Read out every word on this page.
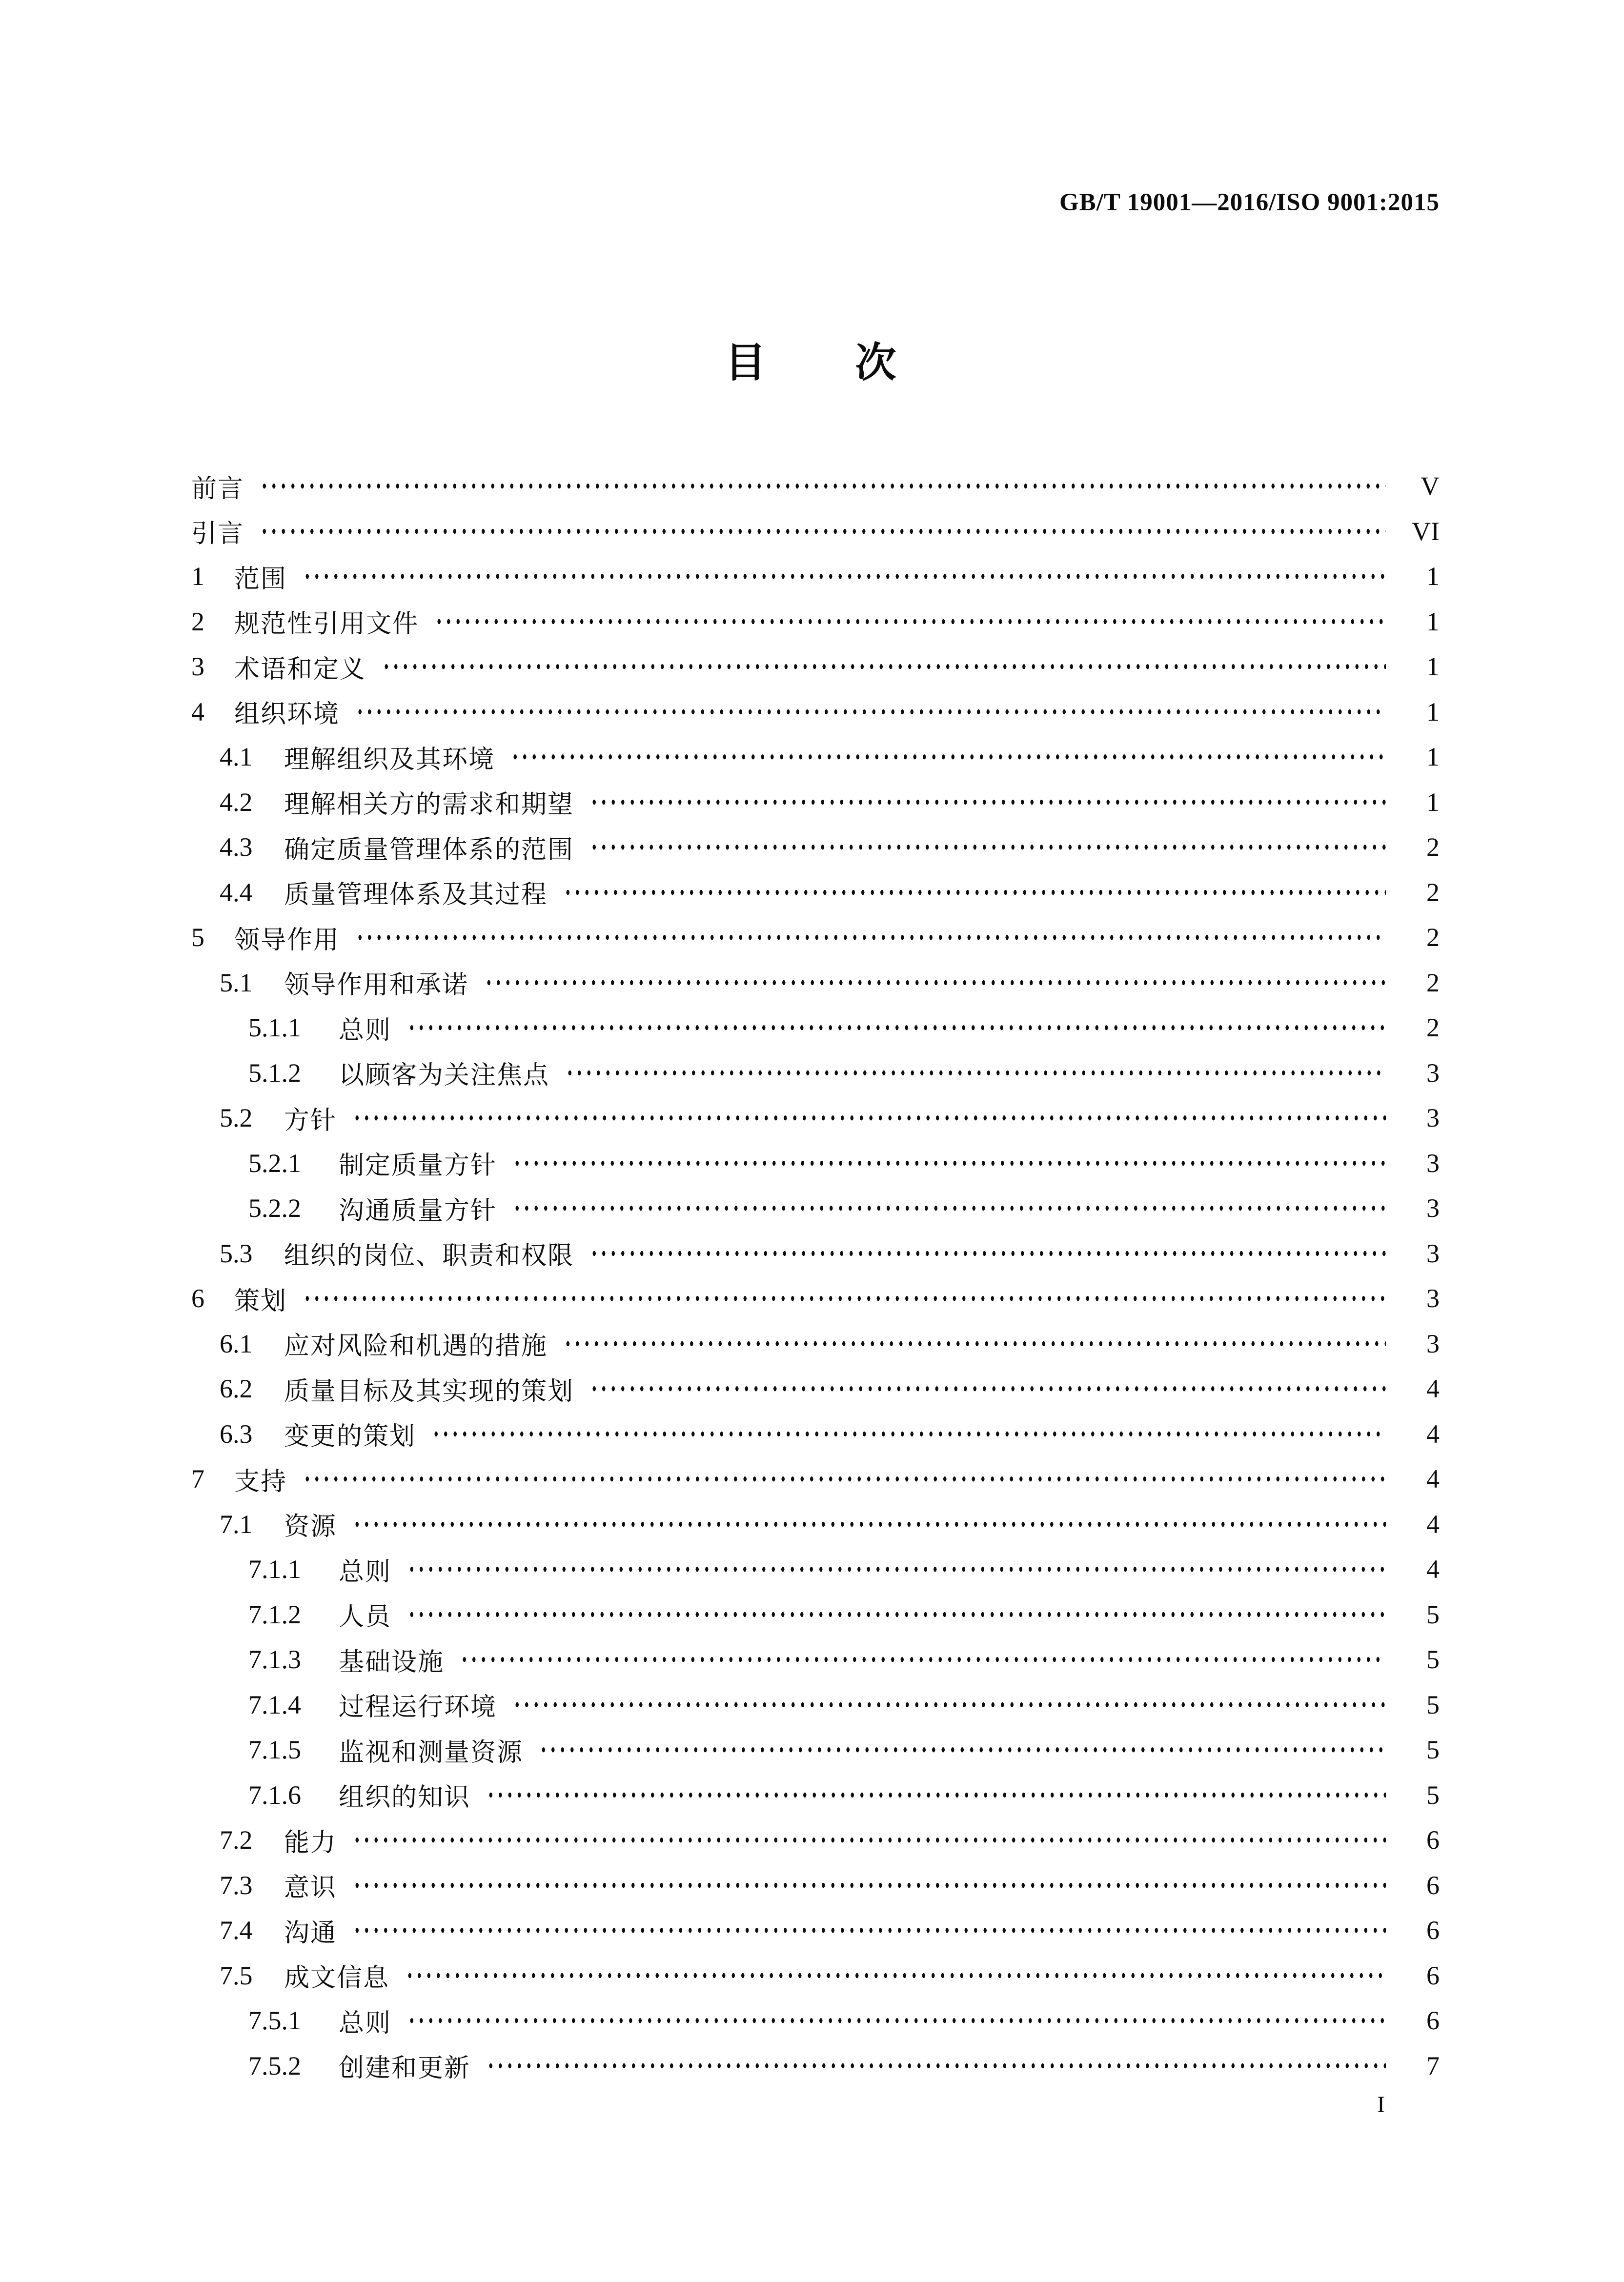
GB/T 19001—2016/ISO 9001:2015
目 次
前言	V
引言	VI
1	范围	1
2	规范性引用文件	1
3	术语和定义	1
4	组织环境	1
4.1	理解组织及其环境	1
4.2	理解相关方的需求和期望	1
4.3	确定质量管理体系的范围	2
4.4	质量管理体系及其过程	2
5	领导作用	2
5.1	领导作用和承诺	2
5.1.1	总则	2
5.1.2	以顾客为关注焦点	3
5.2	方针	3
5.2.1	制定质量方针	3
5.2.2	沟通质量方针	3
5.3	组织的岗位、职责和权限	3
6	策划	3
6.1	应对风险和机遇的措施	3
6.2	质量目标及其实现的策划	4
6.3	变更的策划	4
7	支持	4
7.1	资源	4
7.1.1	总则	4
7.1.2	人员	5
7.1.3	基础设施	5
7.1.4	过程运行环境	5
7.1.5	监视和测量资源	5
7.1.6	组织的知识	5
7.2	能力	6
7.3	意识	6
7.4	沟通	6
7.5	成文信息	6
7.5.1	总则	6
7.5.2	创建和更新	7
I
